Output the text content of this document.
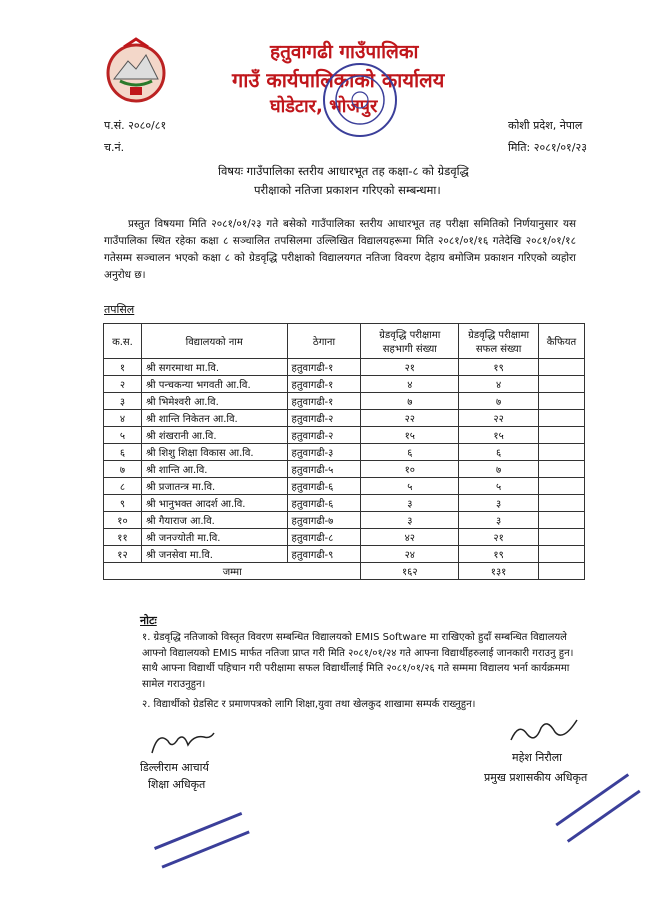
हतुवागढी गाउँपालिका
गाउँ कार्यपालिकाको कार्यालय
घोडेटार, भोजपुर
प.सं. २०८०/८१
च.नं.
कोशी प्रदेश, नेपाल
मिति: २०८१/०१/२३
विषयः गाउँपालिका स्तरीय आधारभूत तह कक्षा-८ को ग्रेडवृद्धि
परीक्षाको नतिजा प्रकाशन गरिएको सम्बन्धमा।
प्रस्तुत विषयमा मिति २०८१/०१/२३ गते बसेको गाउँपालिका स्तरीय आधारभूत तह परीक्षा समितिको निर्णयानुसार यस गाउँपालिका स्थित रहेका कक्षा ८ सञ्चालित तपसिलमा उल्लिखित विद्यालयहरूमा मिति २०८१/०१/१६ गतेदेखि २०८१/०१/१८ गतेसम्म सञ्चालन भएको कक्षा ८ को ग्रेडवृद्धि परीक्षाको विद्यालयगत नतिजा विवरण देहाय बमोजिम प्रकाशन गरिएको व्यहोरा अनुरोध छ।
तपसिल
क.स.	विद्यालयको नाम	ठेगाना	ग्रेडवृद्धि परीक्षामा सहभागी संख्या	ग्रेडवृद्धि परीक्षामा सफल संख्या	कैफियत
१	श्री सगरमाथा मा.वि.	हतुवागढी-१	२१	१९	
२	श्री पन्चकन्या भगवती आ.वि.	हतुवागढी-१	४	४	
३	श्री भिमेश्वरी आ.वि.	हतुवागढी-१	७	७	
४	श्री शान्ति निकेतन आ.वि.	हतुवागढी-२	२२	२२	
५	श्री शंखरानी आ.वि.	हतुवागढी-२	१५	१५	
६	श्री शिशु शिक्षा विकास आ.वि.	हतुवागढी-३	६	६	
७	श्री शान्ति आ.वि.	हतुवागढी-५	१०	७	
८	श्री प्रजातन्त्र मा.वि.	हतुवागढी-६	५	५	
९	श्री भानुभक्त आदर्श आ.वि.	हतुवागढी-६	३	३	
१०	श्री गैयाराज आ.वि.	हतुवागढी-७	३	३	
११	श्री जनज्योती मा.वि.	हतुवागढी-८	४२	२१	
१२	श्री जनसेवा मा.वि.	हतुवागढी-९	२४	१९	
जम्मा			१६२	१३१	
नोटः
१. ग्रेडवृद्धि नतिजाको विस्तृत विवरण सम्बन्धित विद्यालयको EMIS Software मा राखिएको हुदाँ सम्बन्धित विद्यालयले आफ्नो विद्यालयको EMIS मार्फत नतिजा प्राप्त गरी मिति २०८१/०१/२४ गते आफ्ना विद्यार्थीहरुलाई जानकारी गराउनु हुन। साथै आफ्ना विद्यार्थी पहिचान गरी परीक्षामा सफल विद्यार्थीलाई मिति २०८१/०१/२६ गते सम्ममा विद्यालय भर्ना कार्यक्रममा सामेल गराउनुहुन।
२. विद्यार्थीको ग्रेडसिट र प्रमाणपत्रको लागि शिक्षा,युवा तथा खेलकुद शाखामा सम्पर्क राख्नुहुन।
डिल्लीराम आचार्य
शिक्षा अधिकृत
महेश निरौला
प्रमुख प्रशासकीय अधिकृत
